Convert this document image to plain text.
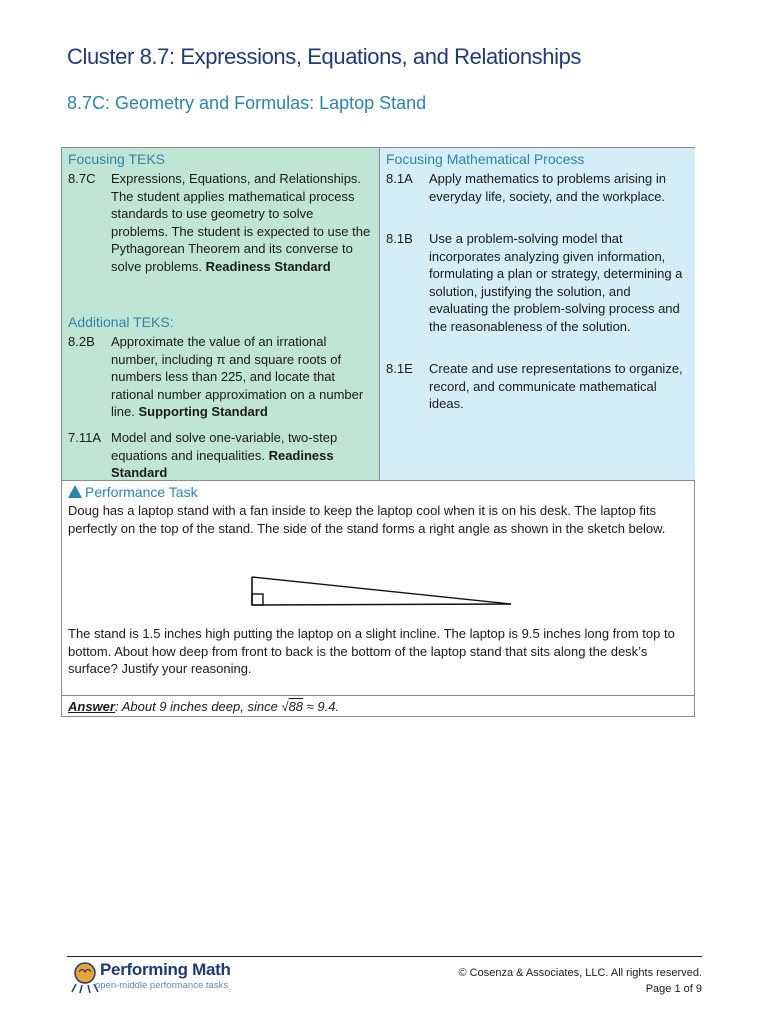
Cluster 8.7: Expressions, Equations, and Relationships
8.7C: Geometry and Formulas: Laptop Stand
Focusing TEKS
8.7C Expressions, Equations, and Relationships. The student applies mathematical process standards to use geometry to solve problems. The student is expected to use the Pythagorean Theorem and its converse to solve problems. Readiness Standard
Additional TEKS:
8.2B Approximate the value of an irrational number, including π and square roots of numbers less than 225, and locate that rational number approximation on a number line. Supporting Standard
7.11A Model and solve one-variable, two-step equations and inequalities. Readiness Standard
Focusing Mathematical Process
8.1A Apply mathematics to problems arising in everyday life, society, and the workplace.
8.1B Use a problem-solving model that incorporates analyzing given information, formulating a plan or strategy, determining a solution, justifying the solution, and evaluating the problem-solving process and the reasonableness of the solution.
8.1E Create and use representations to organize, record, and communicate mathematical ideas.
Performance Task
Doug has a laptop stand with a fan inside to keep the laptop cool when it is on his desk. The laptop fits perfectly on the top of the stand. The side of the stand forms a right angle as shown in the sketch below.
The stand is 1.5 inches high putting the laptop on a slight incline. The laptop is 9.5 inches long from top to bottom. About how deep from front to back is the bottom of the laptop stand that sits along the desk’s surface? Justify your reasoning.
Answer: About 9 inches deep, since √88 ≈ 9.4.
Performing Math
open-middle performance tasks
© Cosenza & Associates, LLC. All rights reserved.
Page 1 of 9
